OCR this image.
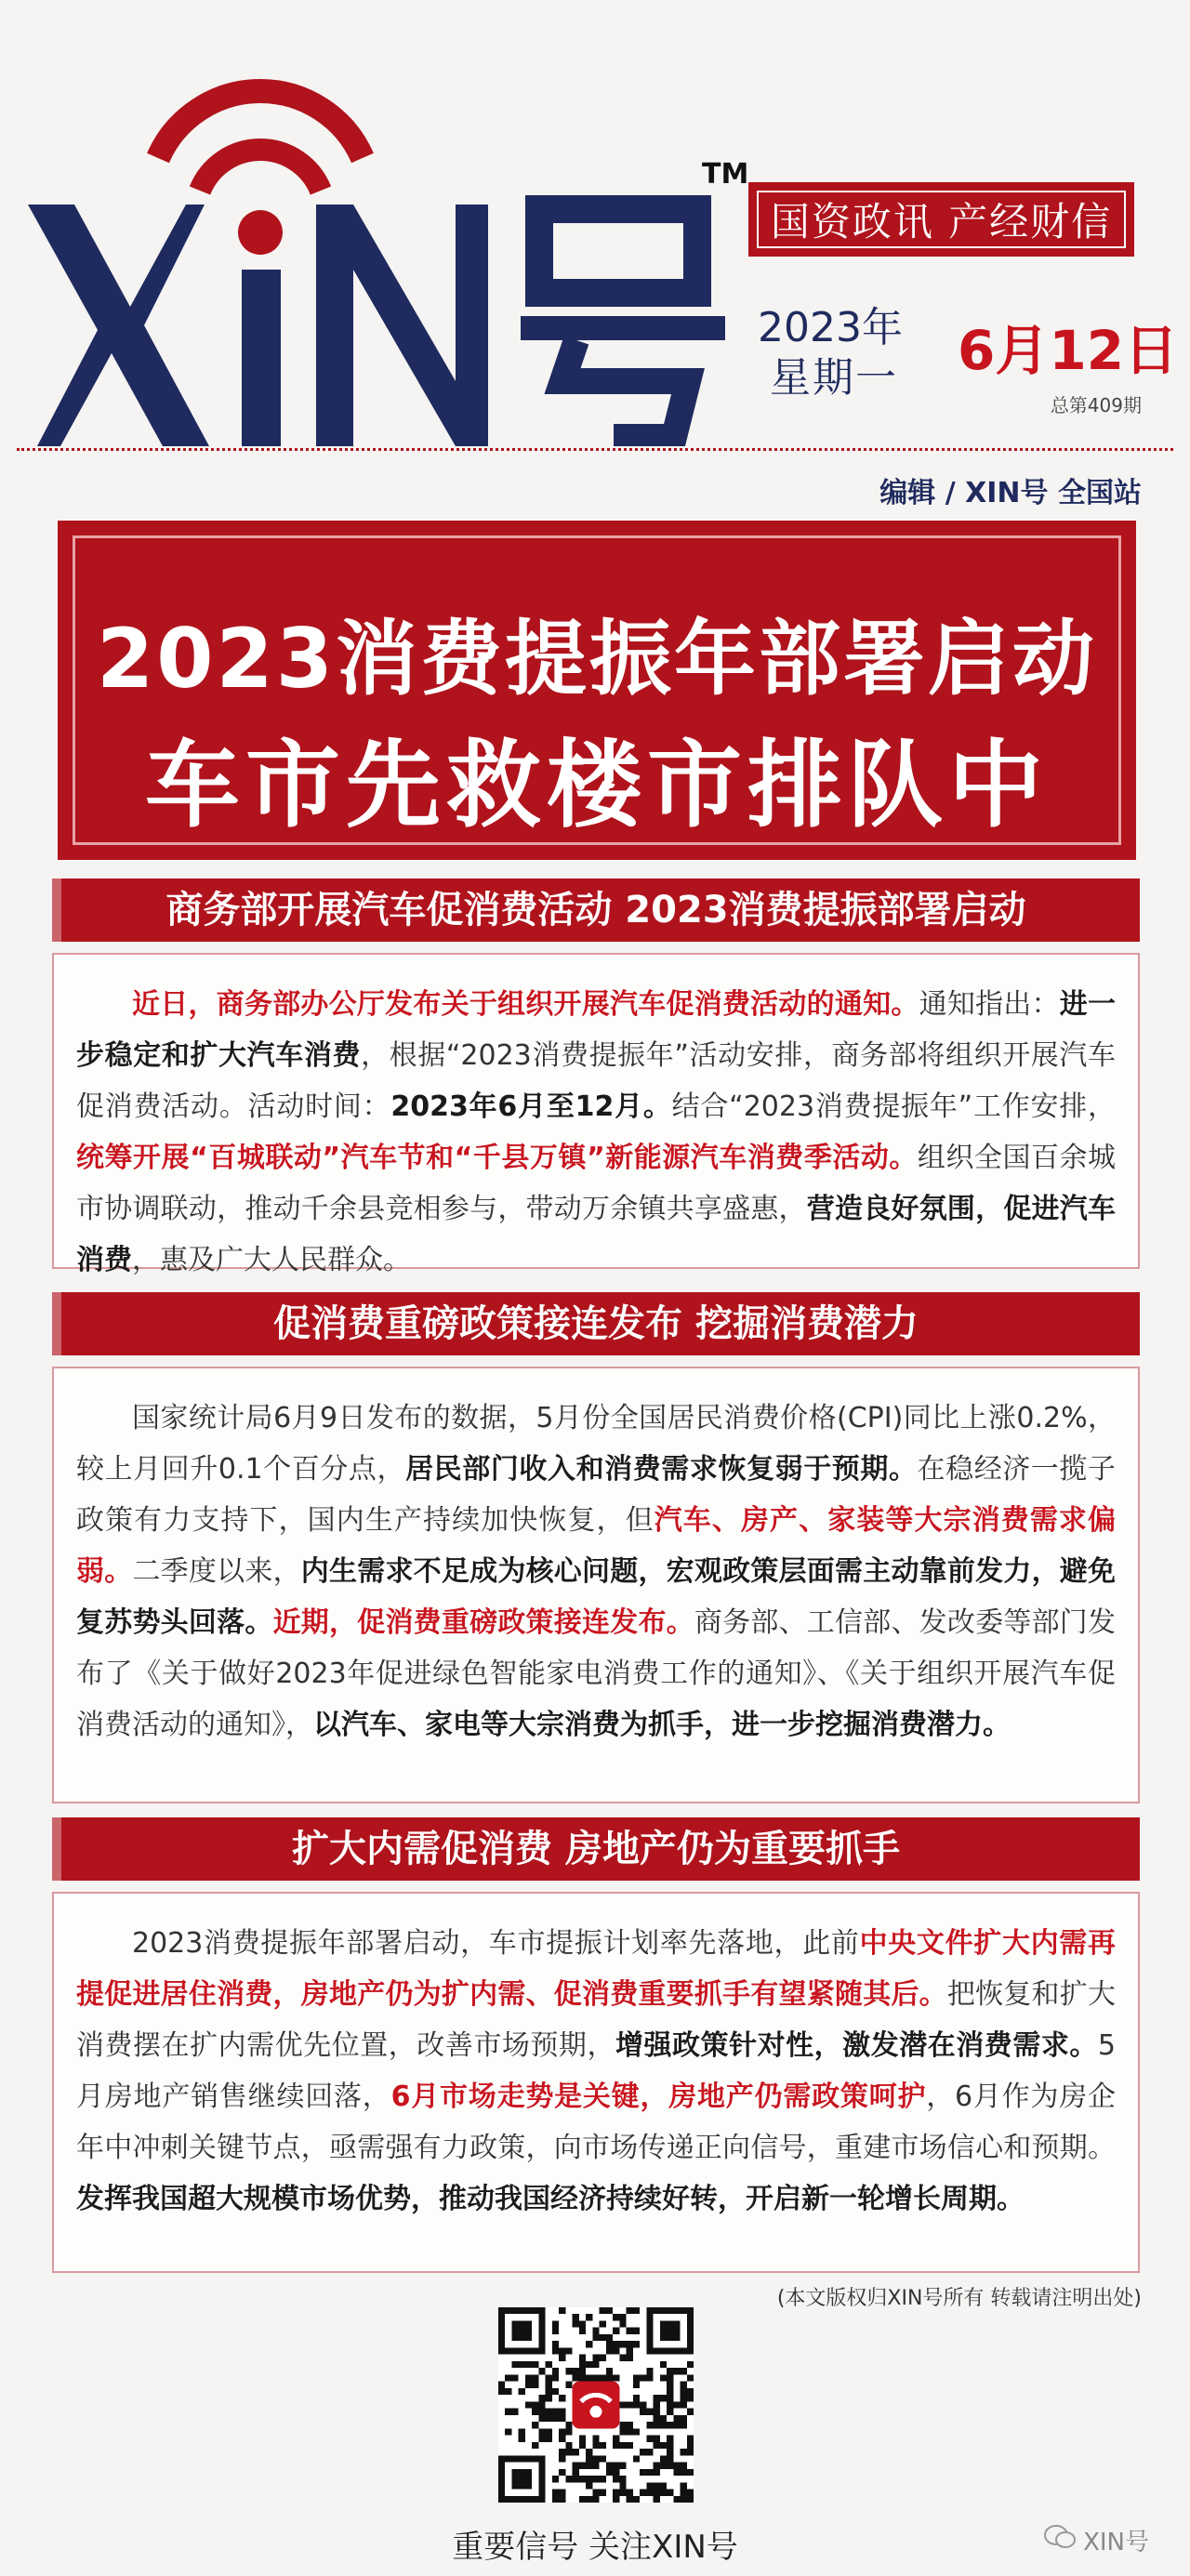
TM
国资政讯 产经财信
2023年
星期一 6月12日
总第409期
编辑 / XIN号 全国站
2023消费提振年部署启动
车市先救楼市排队中
商务部开展汽车促消费活动 2023消费提振部署启动

近日，商务部办公厅发布关于组织开展汽车促消费活动的通知。通知指出：进一步稳定和扩大汽车消费，根据“2023消费提振年”活动安排，商务部将组织开展汽车促消费活动。活动时间：2023年6月至12月。结合“2023消费提振年”工作安排，统筹开展“百城联动”汽车节和“千县万镇”新能源汽车消费季活动。组织全国百余城市协调联动，推动千余县竞相参与，带动万余镇共享盛惠，营造良好氛围，促进汽车消费，惠及广大人民群众。

促消费重磅政策接连发布 挖掘消费潜力

国家统计局6月9日发布的数据，5月份全国居民消费价格(CPI)同比上涨0.2%，较上月回升0.1个百分点，居民部门收入和消费需求恢复弱于预期。在稳经济一揽子政策有力支持下，国内生产持续加快恢复，但汽车、房产、家装等大宗消费需求偏弱。二季度以来，内生需求不足成为核心问题，宏观政策层面需主动靠前发力，避免复苏势头回落。近期，促消费重磅政策接连发布。商务部、工信部、发改委等部门发布了《关于做好2023年促进绿色智能家电消费工作的通知》、《关于组织开展汽车促消费活动的通知》，以汽车、家电等大宗消费为抓手，进一步挖掘消费潜力。

扩大内需促消费 房地产仍为重要抓手

2023消费提振年部署启动，车市提振计划率先落地，此前中央文件扩大内需再提促进居住消费，房地产仍为扩内需、促消费重要抓手有望紧随其后。把恢复和扩大消费摆在扩内需优先位置，改善市场预期，增强政策针对性，激发潜在消费需求。5月房地产销售继续回落，6月市场走势是关键，房地产仍需政策呵护，6月作为房企年中冲刺关键节点，亟需强有力政策，向市场传递正向信号，重建市场信心和预期。发挥我国超大规模市场优势，推动我国经济持续好转，开启新一轮增长周期。

(本文版权归XIN号所有 转载请注明出处)
重要信号 关注XIN号	XIN号
